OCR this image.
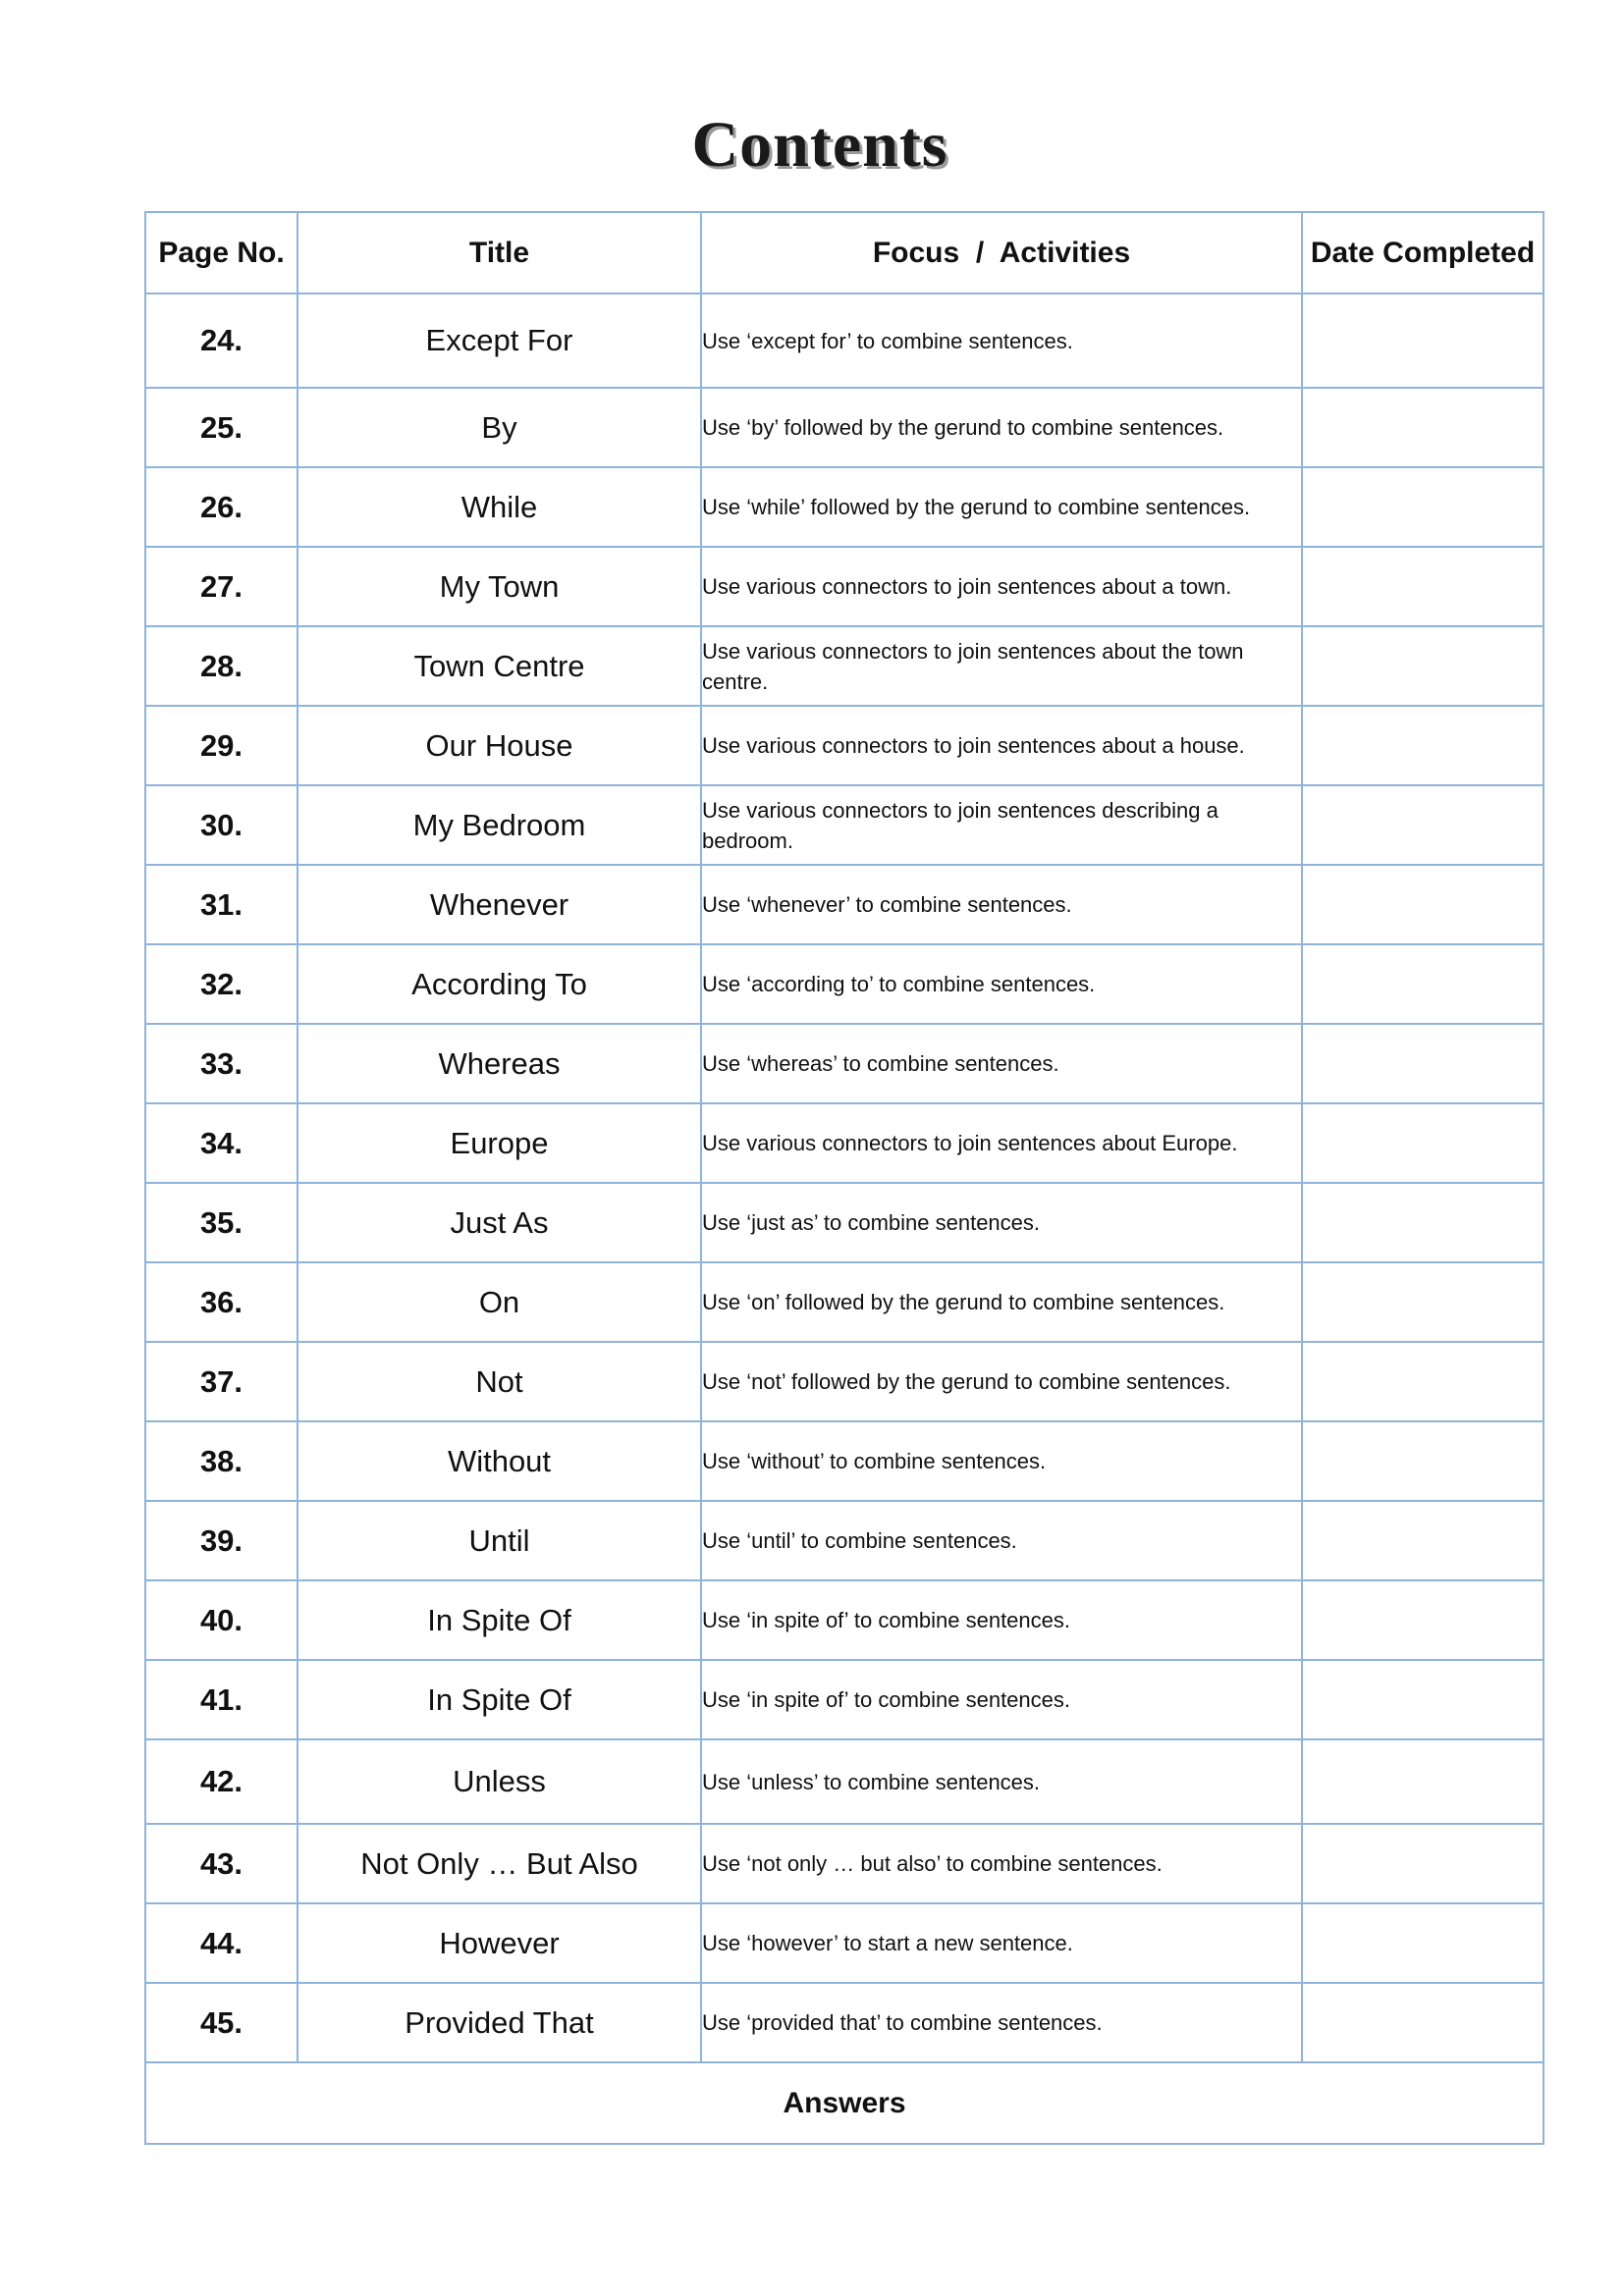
Contents
Page No.	Title	Focus  /  Activities	Date Completed
24.	Except For	Use ‘except for’ to combine sentences.	
25.	By	Use ‘by’ followed by the gerund to combine sentences.	
26.	While	Use ‘while’ followed by the gerund to combine sentences.	
27.	My Town	Use various connectors to join sentences about a town.	
28.	Town Centre	Use various connectors to join sentences about the town centre.	
29.	Our House	Use various connectors to join sentences about a house.	
30.	My Bedroom	Use various connectors to join sentences describing a bedroom.	
31.	Whenever	Use ‘whenever’ to combine sentences.	
32.	According To	Use ‘according to’ to combine sentences.	
33.	Whereas	Use ‘whereas’ to combine sentences.	
34.	Europe	Use various connectors to join sentences about Europe.	
35.	Just As	Use ‘just as’ to combine sentences.	
36.	On	Use ‘on’ followed by the gerund to combine sentences.	
37.	Not	Use ‘not’ followed by the gerund to combine sentences.	
38.	Without	Use ‘without’ to combine sentences.	
39.	Until	Use ‘until’ to combine sentences.	
40.	In Spite Of	Use ‘in spite of’ to combine sentences.	
41.	In Spite Of	Use ‘in spite of’ to combine sentences.	
42.	Unless	Use ‘unless’ to combine sentences.	
43.	Not Only … But Also	Use ‘not only … but also’ to combine sentences.	
44.	However	Use ‘however’ to start a new sentence.	
45.	Provided That	Use ‘provided that’ to combine sentences.	
Answers			
